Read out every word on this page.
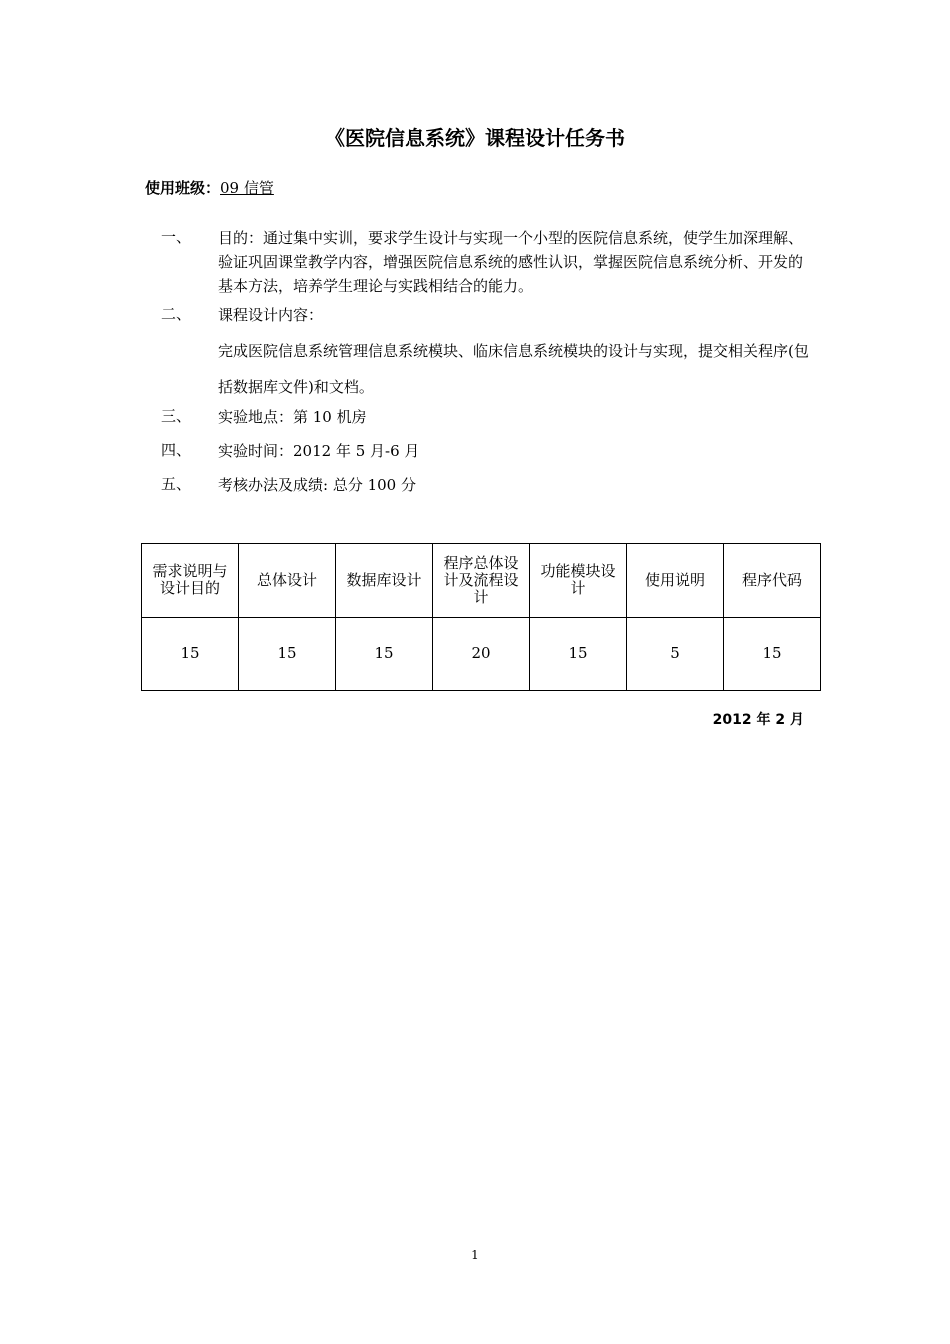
《医院信息系统》课程设计任务书
使用班级：09 信管
一、 目的：通过集中实训，要求学生设计与实现一个小型的医院信息系统，使学生加深理解、验证巩固课堂教学内容，增强医院信息系统的感性认识，掌握医院信息系统分析、开发的基本方法，培养学生理论与实践相结合的能力。
二、 课程设计内容：
完成医院信息系统管理信息系统模块、临床信息系统模块的设计与实现，提交相关程序(包括数据库文件)和文档。
三、 实验地点：第 10 机房
四、 实验时间：2012 年 5 月-6 月
五、 考核办法及成绩: 总分 100 分
需求说明与设计目的	总体设计	数据库设计	程序总体设计及流程设计	功能模块设计	使用说明	程序代码
15	15	15	20	15	5	15
2012 年 2 月
1
